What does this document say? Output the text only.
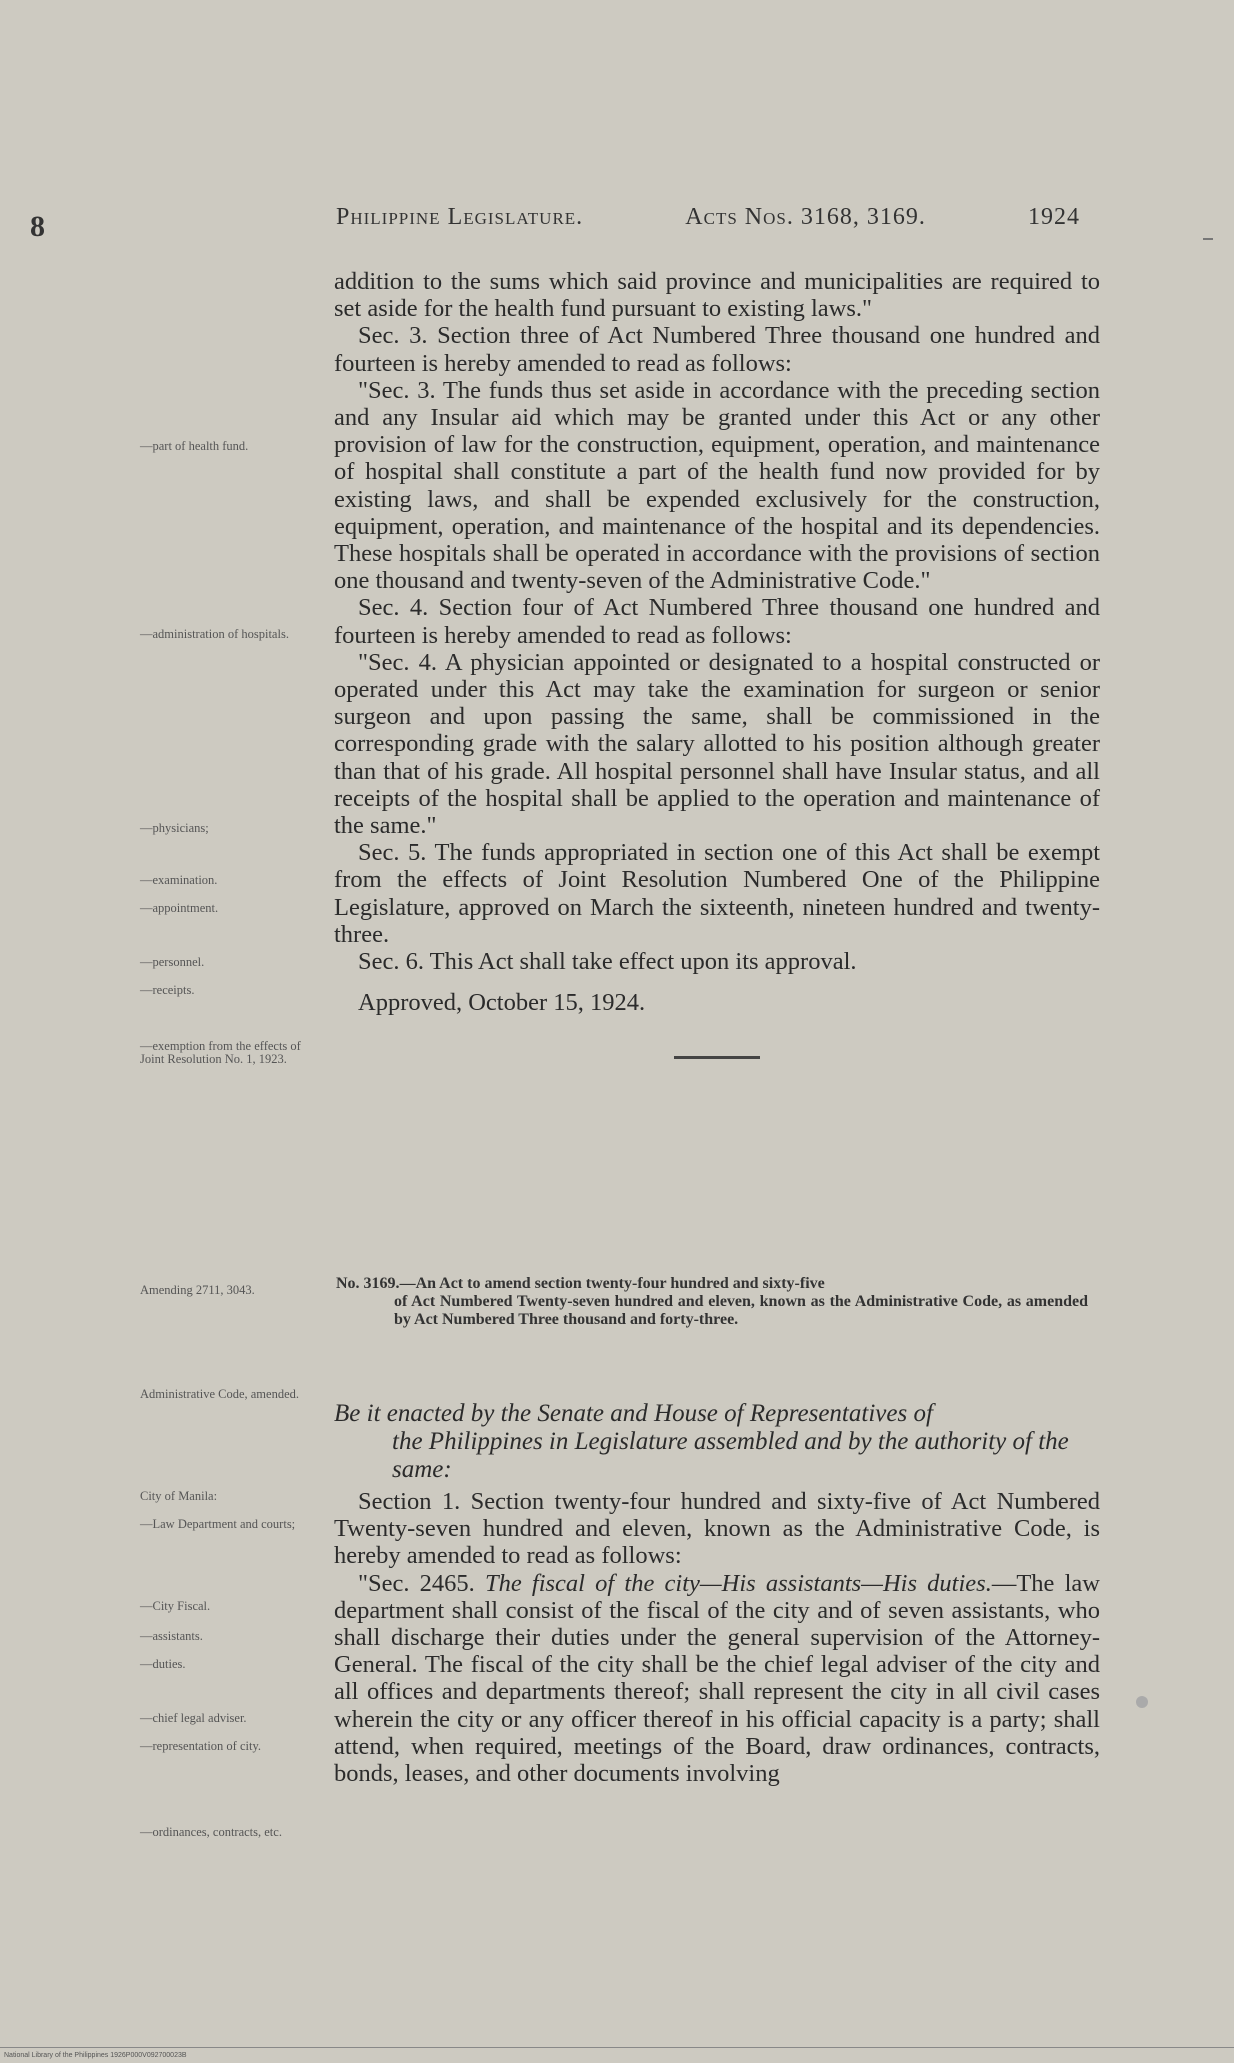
8	Philippine Legislature.	Acts Nos. 3168, 3169.	1924
—part of health fund.
—administration of hospitals.
—physicians;
—examination.
—appointment.
—personnel.
—receipts.
—exemption from the effects of Joint Resolution No. 1, 1923.
Amending 2711, 3043.
Administrative Code, amended.
City of Manila:
—Law Department and courts;
—City Fiscal.
—assistants.
—duties.
—chief legal adviser.
—representation of city.
—ordinances, contracts, etc.

addition to the sums which said province and municipalities are required to set aside for the health fund pursuant to existing laws."

Sec. 3. Section three of Act Numbered Three thousand one hundred and fourteen is hereby amended to read as follows:

"Sec. 3. The funds thus set aside in accordance with the preceding section and any Insular aid which may be granted under this Act or any other provision of law for the construction, equipment, operation, and maintenance of hospital shall constitute a part of the health fund now provided for by existing laws, and shall be expended exclusively for the construction, equipment, operation, and maintenance of the hospital and its dependencies. These hospitals shall be operated in accordance with the provisions of section one thousand and twenty-seven of the Administrative Code."

Sec. 4. Section four of Act Numbered Three thousand one hundred and fourteen is hereby amended to read as follows:

"Sec. 4. A physician appointed or designated to a hospital constructed or operated under this Act may take the examination for surgeon or senior surgeon and upon passing the same, shall be commissioned in the corresponding grade with the salary allotted to his position although greater than that of his grade. All hospital personnel shall have Insular status, and all receipts of the hospital shall be applied to the operation and maintenance of the same."

Sec. 5. The funds appropriated in section one of this Act shall be exempt from the effects of Joint Resolution Numbered One of the Philippine Legislature, approved on March the sixteenth, nineteen hundred and twenty-three.

Sec. 6. This Act shall take effect upon its approval.

Approved, October 15, 1924.

No. 3169.—An Act to amend section twenty-four hundred and sixty-five
of Act Numbered Twenty-seven hundred and eleven, known as the Administrative Code, as amended by Act Numbered Three thousand and forty-three.
Be it enacted by the Senate and House of Representatives of
the Philippines in Legislature assembled and by the authority of the same:

Section 1. Section twenty-four hundred and sixty-five of Act Numbered Twenty-seven hundred and eleven, known as the Administrative Code, is hereby amended to read as follows:

"Sec. 2465. The fiscal of the city—His assistants—His duties.—The law department shall consist of the fiscal of the city and of seven assistants, who shall discharge their duties under the general supervision of the Attorney-General. The fiscal of the city shall be the chief legal adviser of the city and all offices and departments thereof; shall represent the city in all civil cases wherein the city or any officer thereof in his official capacity is a party; shall attend, when required, meetings of the Board, draw ordinances, contracts, bonds, leases, and other documents involving

National Library of the Philippines 1926P000V092700023B
